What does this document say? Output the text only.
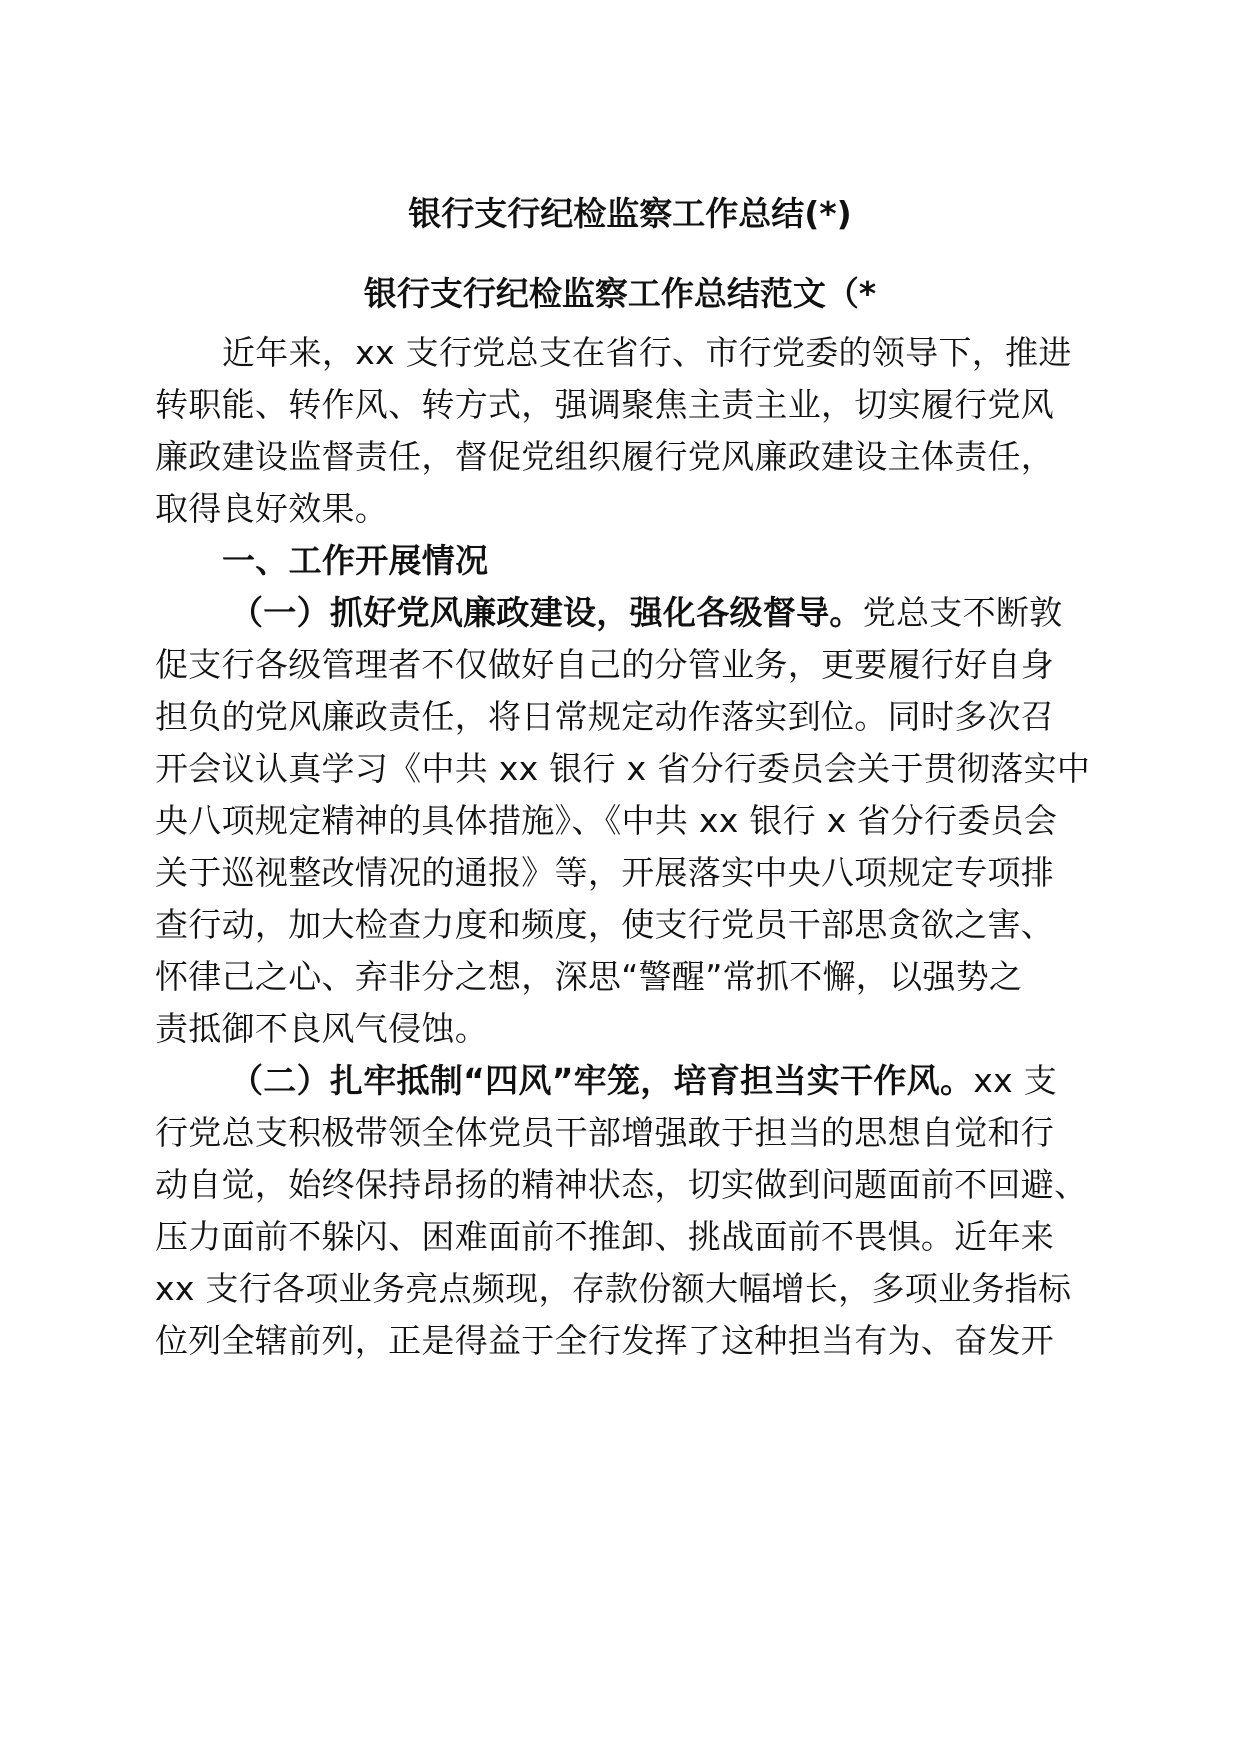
银行支行纪检监察工作总结(*)
银行支行纪检监察工作总结范文（*
近年来，xx 支行党总支在省行、市行党委的领导下，推进
转职能、转作风、转方式，强调聚焦主责主业，切实履行党风
廉政建设监督责任，督促党组织履行党风廉政建设主体责任，
取得良好效果。
一、工作开展情况
（一）抓好党风廉政建设，强化各级督导。党总支不断敦
促支行各级管理者不仅做好自己的分管业务，更要履行好自身
担负的党风廉政责任，将日常规定动作落实到位。同时多次召
开会议认真学习《中共 xx 银行 x 省分行委员会关于贯彻落实中
央八项规定精神的具体措施》、《中共 xx 银行 x 省分行委员会
关于巡视整改情况的通报》等，开展落实中央八项规定专项排
查行动，加大检查力度和频度，使支行党员干部思贪欲之害、
怀律己之心、弃非分之想，深思“警醒”常抓不懈，以强势之
责抵御不良风气侵蚀。
（二）扎牢抵制“四风”牢笼，培育担当实干作风。xx 支
行党总支积极带领全体党员干部增强敢于担当的思想自觉和行
动自觉，始终保持昂扬的精神状态，切实做到问题面前不回避、
压力面前不躲闪、困难面前不推卸、挑战面前不畏惧。近年来
xx 支行各项业务亮点频现，存款份额大幅增长，多项业务指标
位列全辖前列，正是得益于全行发挥了这种担当有为、奋发开
